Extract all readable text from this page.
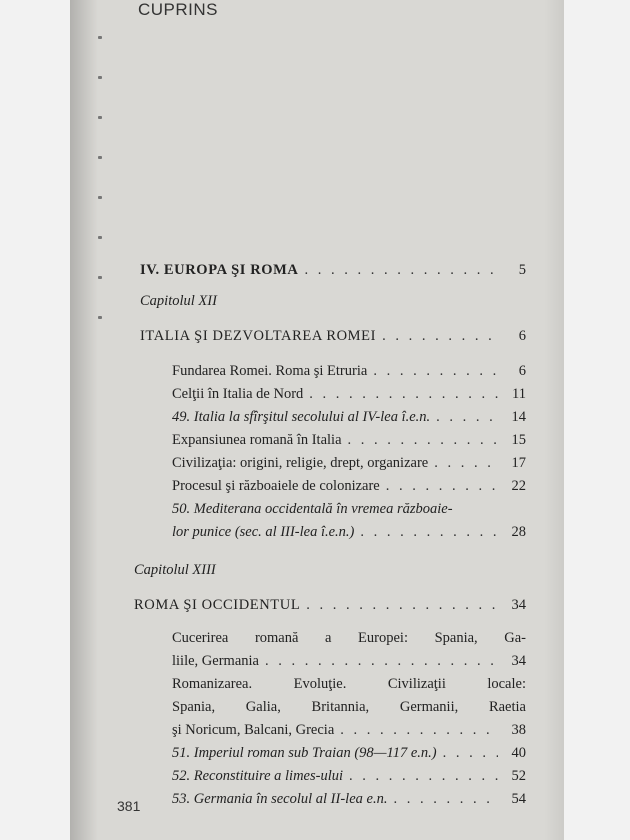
CUPRINS
IV. EUROPA ŞI ROMA . . .	5
Capitolul XII
ITALIA ŞI DEZVOLTAREA ROMEI . . .	6
Fundarea Romei. Roma şi Etruria . . .	6
Celţii în Italia de Nord . . .	11
49. Italia la sfîrşitul secolului al IV-lea î.e.n. . . .	14
Expansiunea romană în Italia . . .	15
Civilizaţia: origini, religie, drept, organizare . . .	17
Procesul şi războaiele de colonizare . . .	22
50. Mediterana occidentală în vremea războaie-
lor punice (sec. al III-lea î.e.n.) . . .	28
Capitolul XIII
ROMA ŞI OCCIDENTUL . . .	34
Cucerirea romană a Europei: Spania, Ga-
liile, Germania . . .	34
Romanizarea. Evoluţie. Civilizaţii locale:
Spania, Galia, Britannia, Germanii, Raetia
şi Noricum, Balcani, Grecia . . .	38
51. Imperiul roman sub Traian (98—117 e.n.) . . .	40
52. Reconstituire a limes-ului . . .	52
53. Germania în secolul al II-lea e.n. . . .	54
381
